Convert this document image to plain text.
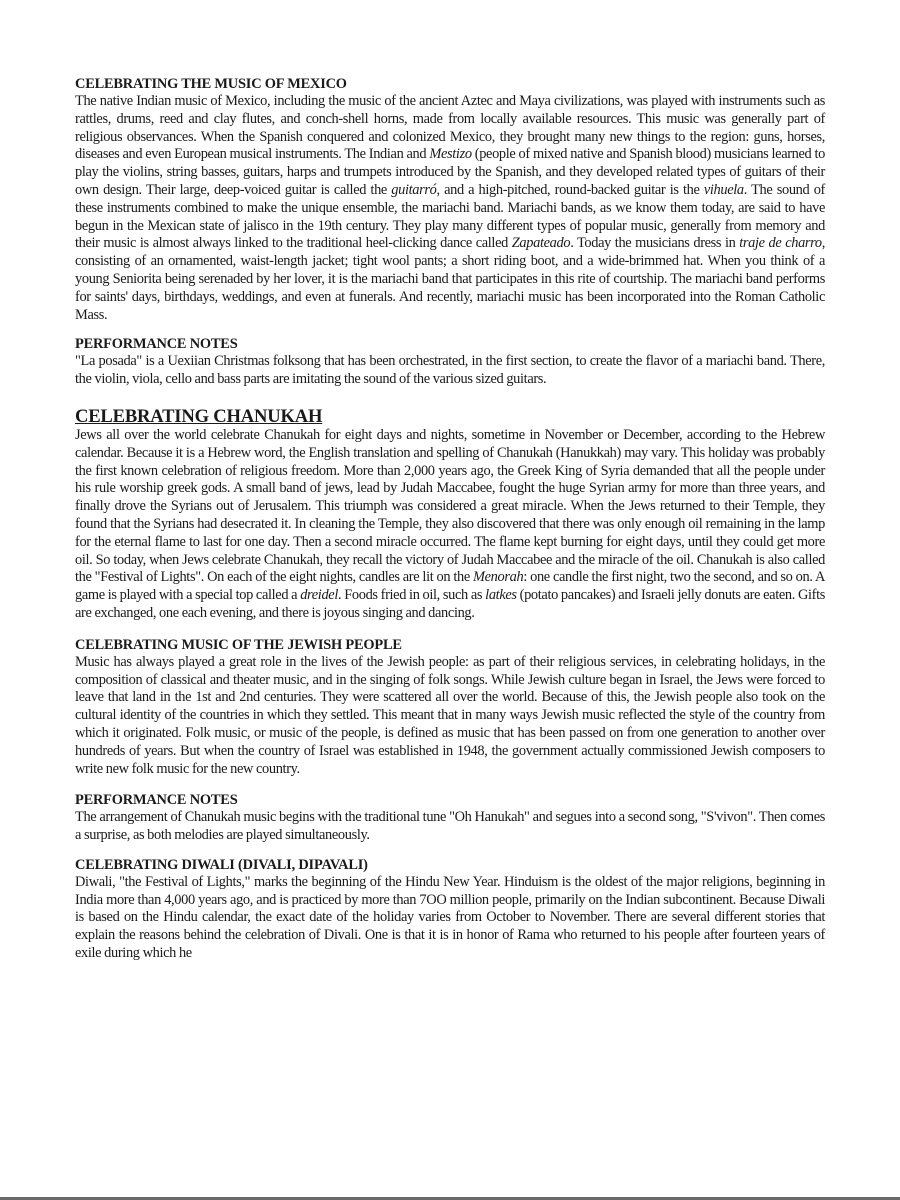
CELEBRATING THE MUSIC OF MEXICO

The native Indian music of Mexico, including the music of the ancient Aztec and Maya civilizations, was played with instruments such as rattles, drums, reed and clay flutes, and conch-shell horns, made from locally available resources. This music was generally part of religious observances. When the Spanish conquered and colonized Mexico, they brought many new things to the region: guns, horses, diseases and even European musical instruments. The Indian and Mestizo (people of mixed native and Spanish blood) musicians learned to play the violins, string basses, guitars, harps and trumpets introduced by the Spanish, and they developed related types of guitars of their own design. Their large, deep-voiced guitar is called the guitarró, and a high-pitched, round-backed guitar is the vihuela. The sound of these instruments combined to make the unique ensemble, the mariachi band. Mariachi bands, as we know them today, are said to have begun in the Mexican state of jalisco in the 19th century. They play many different types of popular music, generally from memory and their music is almost always linked to the traditional heel-clicking dance called Zapateado. Today the musicians dress in traje de charro, consisting of an ornamented, waist-length jacket; tight wool pants; a short riding boot, and a wide-brimmed hat. When you think of a young Seniorita being serenaded by her lover, it is the mariachi band that participates in this rite of courtship. The mariachi band performs for saints' days, birthdays, weddings, and even at funerals. And recently, mariachi music has been incorporated into the Roman Catholic Mass.

PERFORMANCE NOTES

"La posada" is a Uexiian Christmas folksong that has been orchestrated, in the first section, to create the flavor of a mariachi band. There, the violin, viola, cello and bass parts are imitating the sound of the various sized guitars.

CELEBRATING CHANUKAH

Jews all over the world celebrate Chanukah for eight days and nights, sometime in November or December, according to the Hebrew calendar. Because it is a Hebrew word, the English translation and spelling of Chanukah (Hanukkah) may vary. This holiday was probably the first known celebration of religious freedom. More than 2,000 years ago, the Greek King of Syria demanded that all the people under his rule worship greek gods. A small band of jews, lead by Judah Maccabee, fought the huge Syrian army for more than three years, and finally drove the Syrians out of Jerusalem. This triumph was considered a great miracle. When the Jews returned to their Temple, they found that the Syrians had desecrated it. In cleaning the Temple, they also discovered that there was only enough oil remaining in the lamp for the eternal flame to last for one day. Then a second miracle occurred. The flame kept burning for eight days, until they could get more oil. So today, when Jews celebrate Chanukah, they recall the victory of Judah Maccabee and the miracle of the oil. Chanukah is also called the "Festival of Lights". On each of the eight nights, candles are lit on the Menorah: one candle the first night, two the second, and so on. A game is played with a special top called a dreidel. Foods fried in oil, such as latkes (potato pancakes) and Israeli jelly donuts are eaten. Gifts are exchanged, one each evening, and there is joyous singing and dancing.

CELEBRATING MUSIC OF THE JEWISH PEOPLE

Music has always played a great role in the lives of the Jewish people: as part of their religious services, in celebrating holidays, in the composition of classical and theater music, and in the singing of folk songs. While Jewish culture began in Israel, the Jews were forced to leave that land in the 1st and 2nd centuries. They were scattered all over the world. Because of this, the Jewish people also took on the cultural identity of the countries in which they settled. This meant that in many ways Jewish music reflected the style of the country from which it originated. Folk music, or music of the people, is defined as music that has been passed on from one generation to another over hundreds of years. But when the country of Israel was established in 1948, the government actually commissioned Jewish composers to write new folk music for the new country.

PERFORMANCE NOTES

The arrangement of Chanukah music begins with the traditional tune "Oh Hanukah" and segues into a second song, "S'vivon". Then comes a surprise, as both melodies are played simultaneously.

CELEBRATING DIWALI (DIVALI, DIPAVALI)

Diwali, "the Festival of Lights," marks the beginning of the Hindu New Year. Hinduism is the oldest of the major religions, beginning in India more than 4,000 years ago, and is practiced by more than 7OO million people, primarily on the Indian subcontinent. Because Diwali is based on the Hindu calendar, the exact date of the holiday varies from October to November. There are several different stories that explain the reasons behind the celebration of Divali. One is that it is in honor of Rama who returned to his people after fourteen years of exile during which he
